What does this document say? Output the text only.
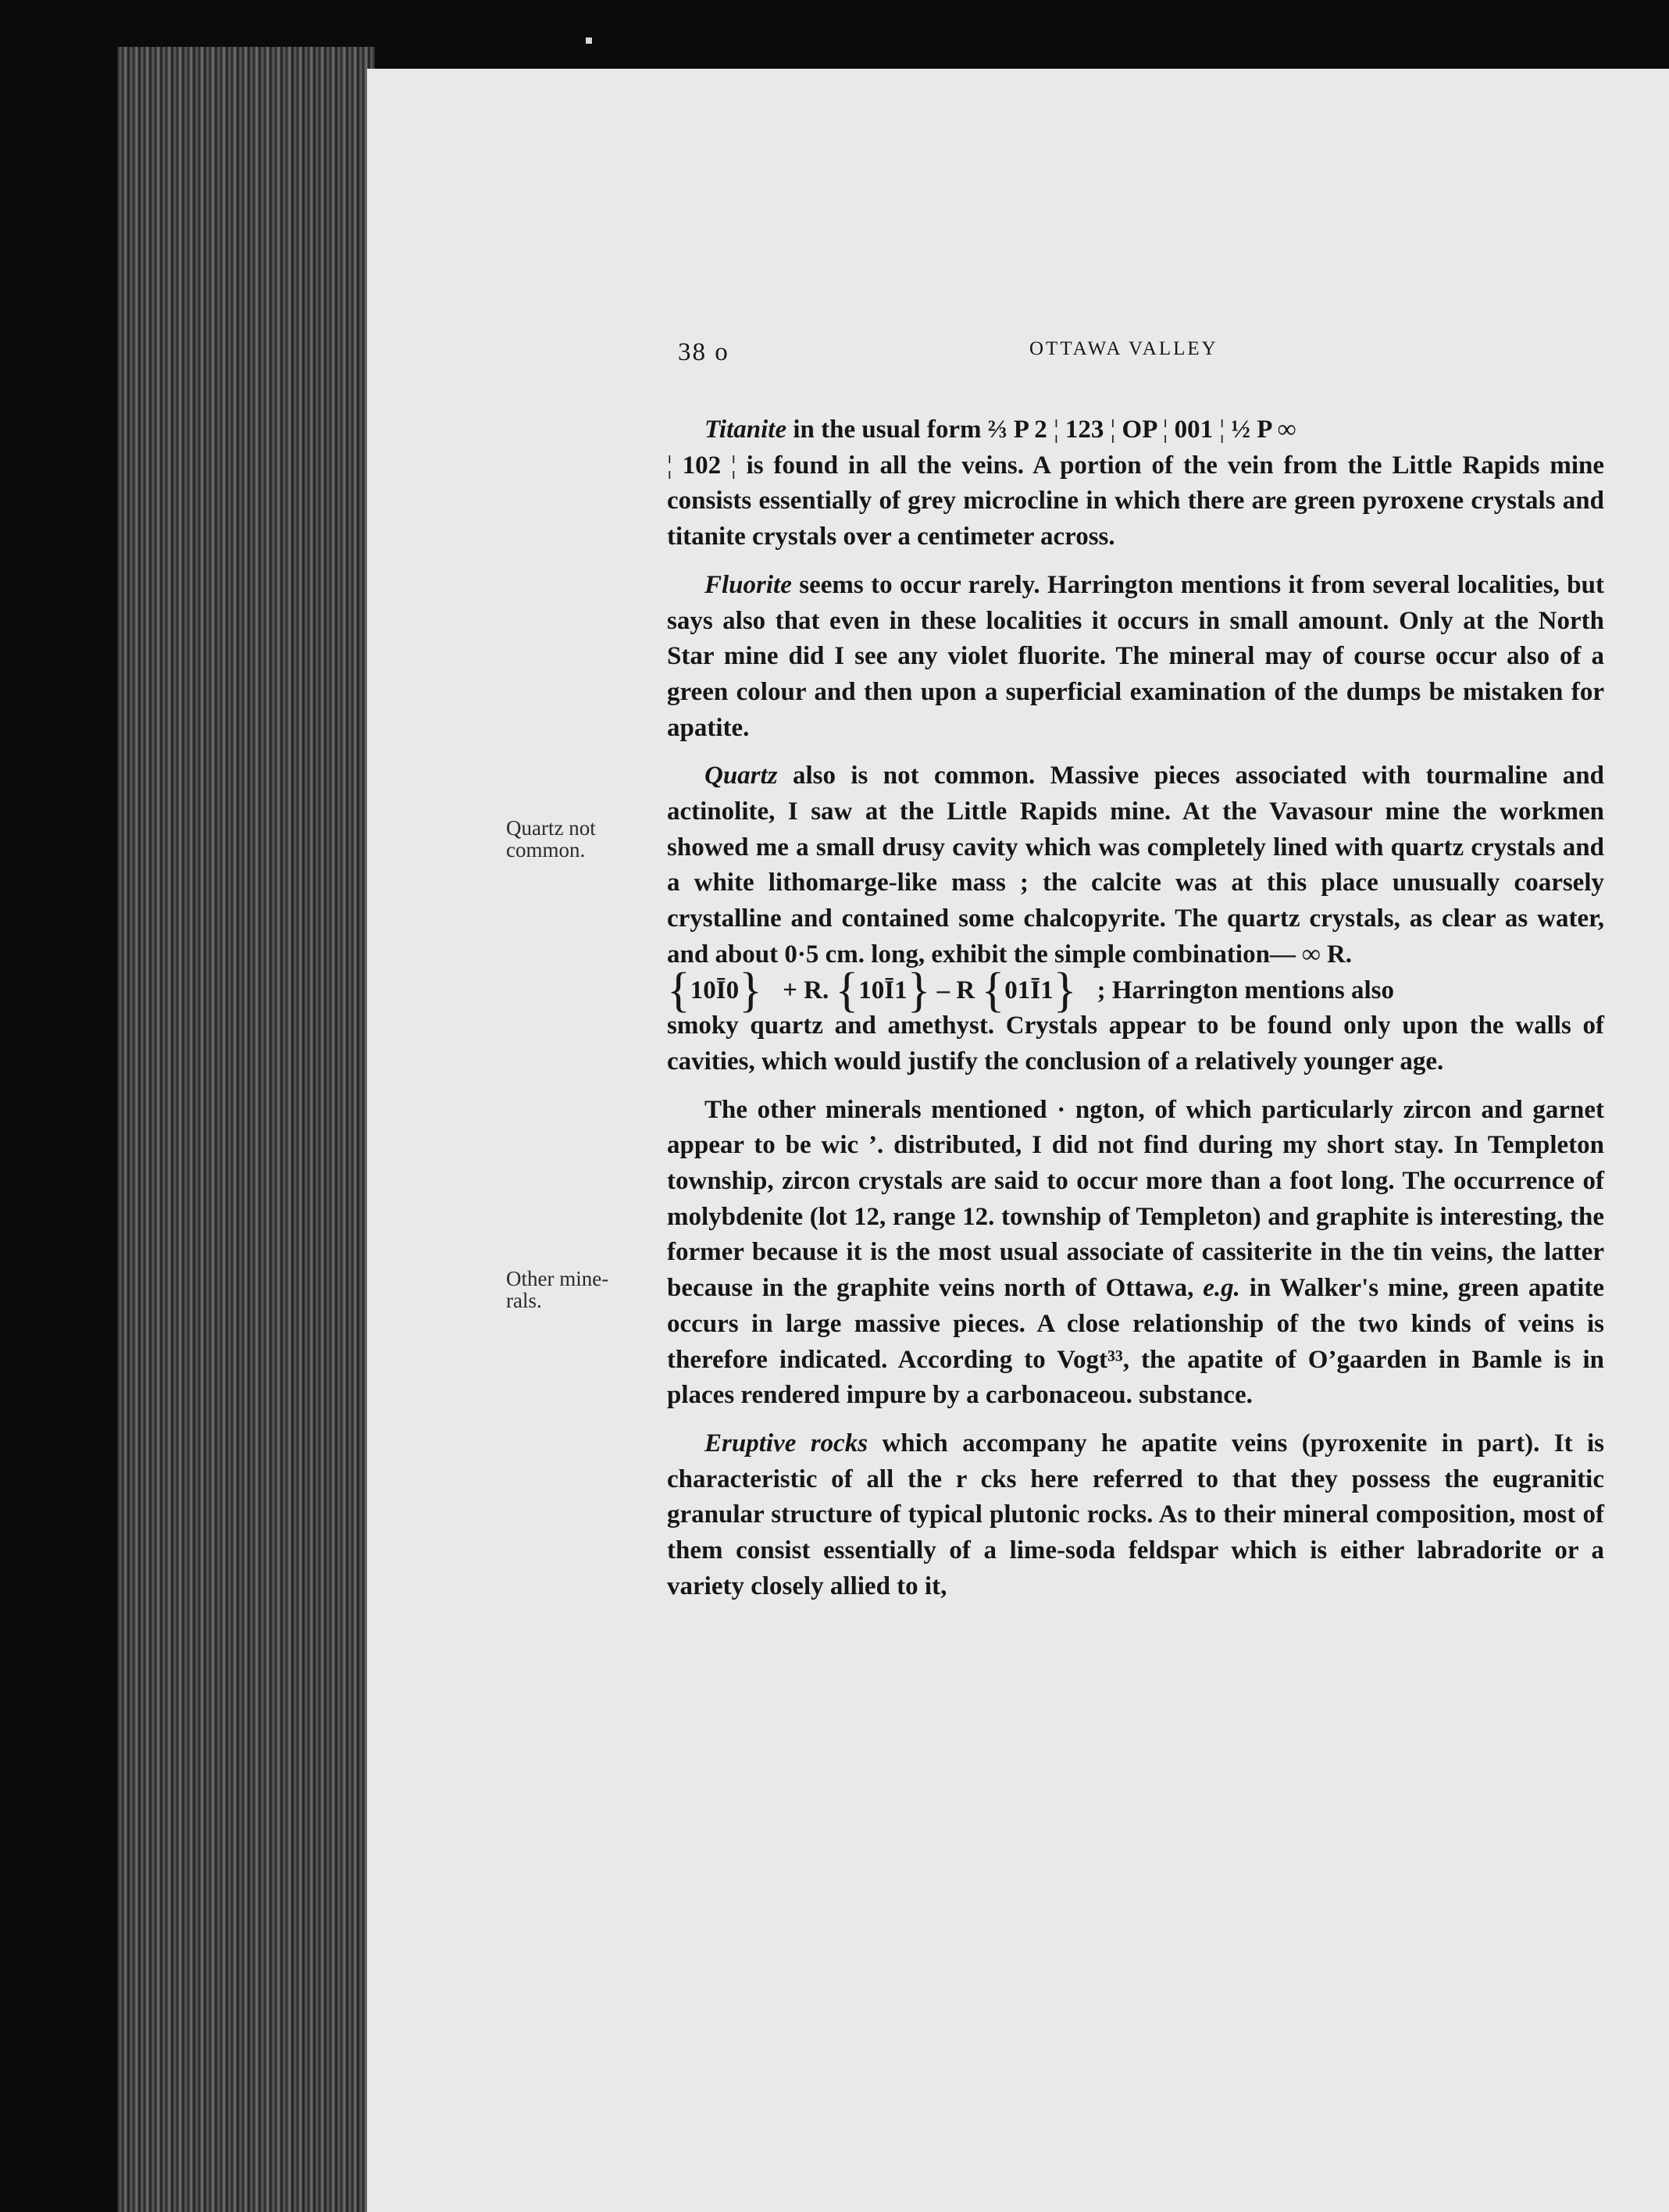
38 o	OTTAWA VALLEY
Quartz not common.
Other minerals.

Titanite in the usual form ⅔ P 2 ¦ 123 ¦ OP ¦ 001 ¦ ½ P ∞
¦ 102 ¦ is found in all the veins. A portion of the vein from the Little Rapids mine consists essentially of grey microcline in which there are green pyroxene crystals and titanite crystals over a centimeter across.

Fluorite seems to occur rarely. Harrington mentions it from several localities, but says also that even in these localities it occurs in small amount. Only at the North Star mine did I see any violet fluorite. The mineral may of course occur also of a green colour and then upon a superficial examination of the dumps be mistaken for apatite.

Quartz also is not common. Massive pieces associated with tourmaline and actinolite, I saw at the Little Rapids mine. At the Vavasour mine the workmen showed me a small drusy cavity which was completely lined with quartz crystals and a white lithomarge-like mass ; the calcite was at this place unusually coarsely crystalline and contained some chalcopyrite. The quartz crystals, as clear as water, and about 0·5 cm. long, exhibit the simple combination— ∞ R.
{10Ī0} + R. {10Ī1} – R {01Ī1} ; Harrington mentions also
smoky quartz and amethyst. Crystals appear to be found only upon the walls of cavities, which would justify the conclusion of a relatively younger age.

The other minerals mentioned · ngton, of which particularly zircon and garnet appear to be wic ’. distributed, I did not find during my short stay. In Templeton township, zircon crystals are said to occur more than a foot long. The occurrence of molybdenite (lot 12, range 12. township of Templeton) and graphite is interesting, the former because it is the most usual associate of cassiterite in the tin veins, the latter because in the graphite veins north of Ottawa, e.g. in Walker's mine, green apatite occurs in large massive pieces. A close relationship of the two kinds of veins is therefore indicated. According to Vogt³³, the apatite of O’gaarden in Bamle is in places rendered impure by a carbonaceou. substance.

Eruptive rocks which accompany he apatite veins (pyroxenite in part). It is characteristic of all the r cks here referred to that they possess the eugranitic granular structure of typical plutonic rocks. As to their mineral composition, most of them consist essentially of a lime-soda feldspar which is either labradorite or a variety closely allied to it,
